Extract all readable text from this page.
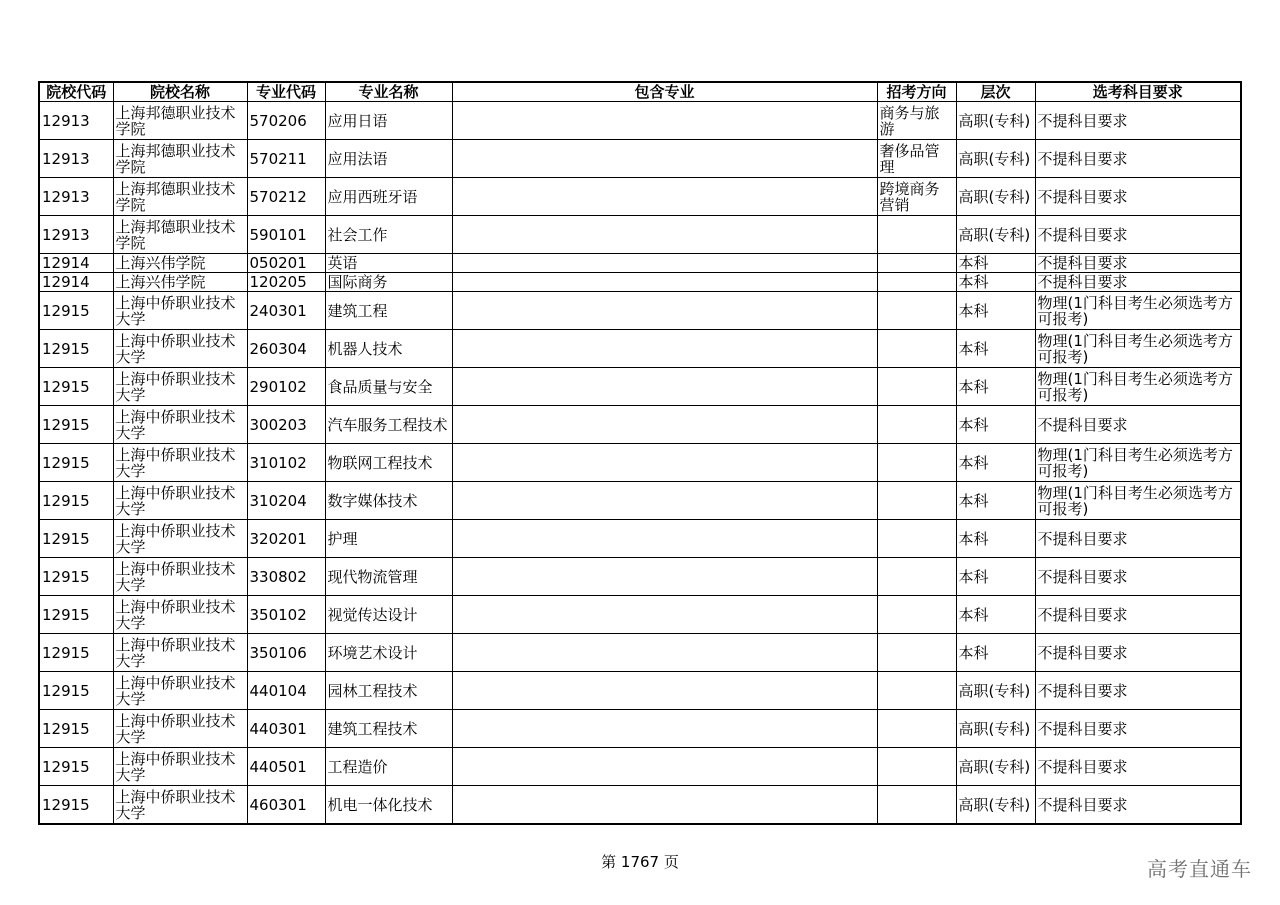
院校代码	院校名称	专业代码	专业名称	包含专业	招考方向	层次	选考科目要求
12913	上海邦德职业技术学院	570206	应用日语		商务与旅游	高职(专科)	不提科目要求
12913	上海邦德职业技术学院	570211	应用法语		奢侈品管理	高职(专科)	不提科目要求
12913	上海邦德职业技术学院	570212	应用西班牙语		跨境商务营销	高职(专科)	不提科目要求
12913	上海邦德职业技术学院	590101	社会工作			高职(专科)	不提科目要求
12914	上海兴伟学院	050201	英语			本科	不提科目要求
12914	上海兴伟学院	120205	国际商务			本科	不提科目要求
12915	上海中侨职业技术大学	240301	建筑工程			本科	物理(1门科目考生必须选考方可报考)
12915	上海中侨职业技术大学	260304	机器人技术			本科	物理(1门科目考生必须选考方可报考)
12915	上海中侨职业技术大学	290102	食品质量与安全			本科	物理(1门科目考生必须选考方可报考)
12915	上海中侨职业技术大学	300203	汽车服务工程技术			本科	不提科目要求
12915	上海中侨职业技术大学	310102	物联网工程技术			本科	物理(1门科目考生必须选考方可报考)
12915	上海中侨职业技术大学	310204	数字媒体技术			本科	物理(1门科目考生必须选考方可报考)
12915	上海中侨职业技术大学	320201	护理			本科	不提科目要求
12915	上海中侨职业技术大学	330802	现代物流管理			本科	不提科目要求
12915	上海中侨职业技术大学	350102	视觉传达设计			本科	不提科目要求
12915	上海中侨职业技术大学	350106	环境艺术设计			本科	不提科目要求
12915	上海中侨职业技术大学	440104	园林工程技术			高职(专科)	不提科目要求
12915	上海中侨职业技术大学	440301	建筑工程技术			高职(专科)	不提科目要求
12915	上海中侨职业技术大学	440501	工程造价			高职(专科)	不提科目要求
12915	上海中侨职业技术大学	460301	机电一体化技术			高职(专科)	不提科目要求
第 1767 页	高考直通车
